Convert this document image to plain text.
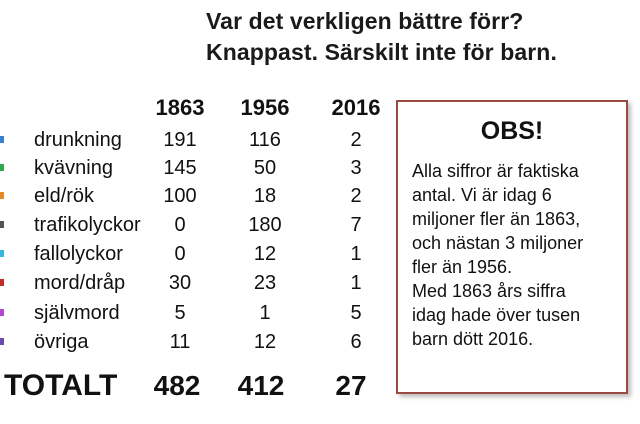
Var det verkligen bättre förr?
Knappast. Särskilt inte för barn.
1863 1956 2016
drunkning	191	116	2
kvävning	145	50	3
eld/rök	100	18	2
trafikolyckor	0	180	7
fallolyckor	0	12	1
mord/dråp	30	23	1
självmord	5	1	5
övriga	11	12	6
TOTALT	482	412	27
OBS!
Alla siffror är faktiska
antal. Vi är idag 6
miljoner fler än 1863,
och nästan 3 miljoner
fler än 1956.
Med 1863 års siffra
idag hade över tusen
barn dött 2016.
